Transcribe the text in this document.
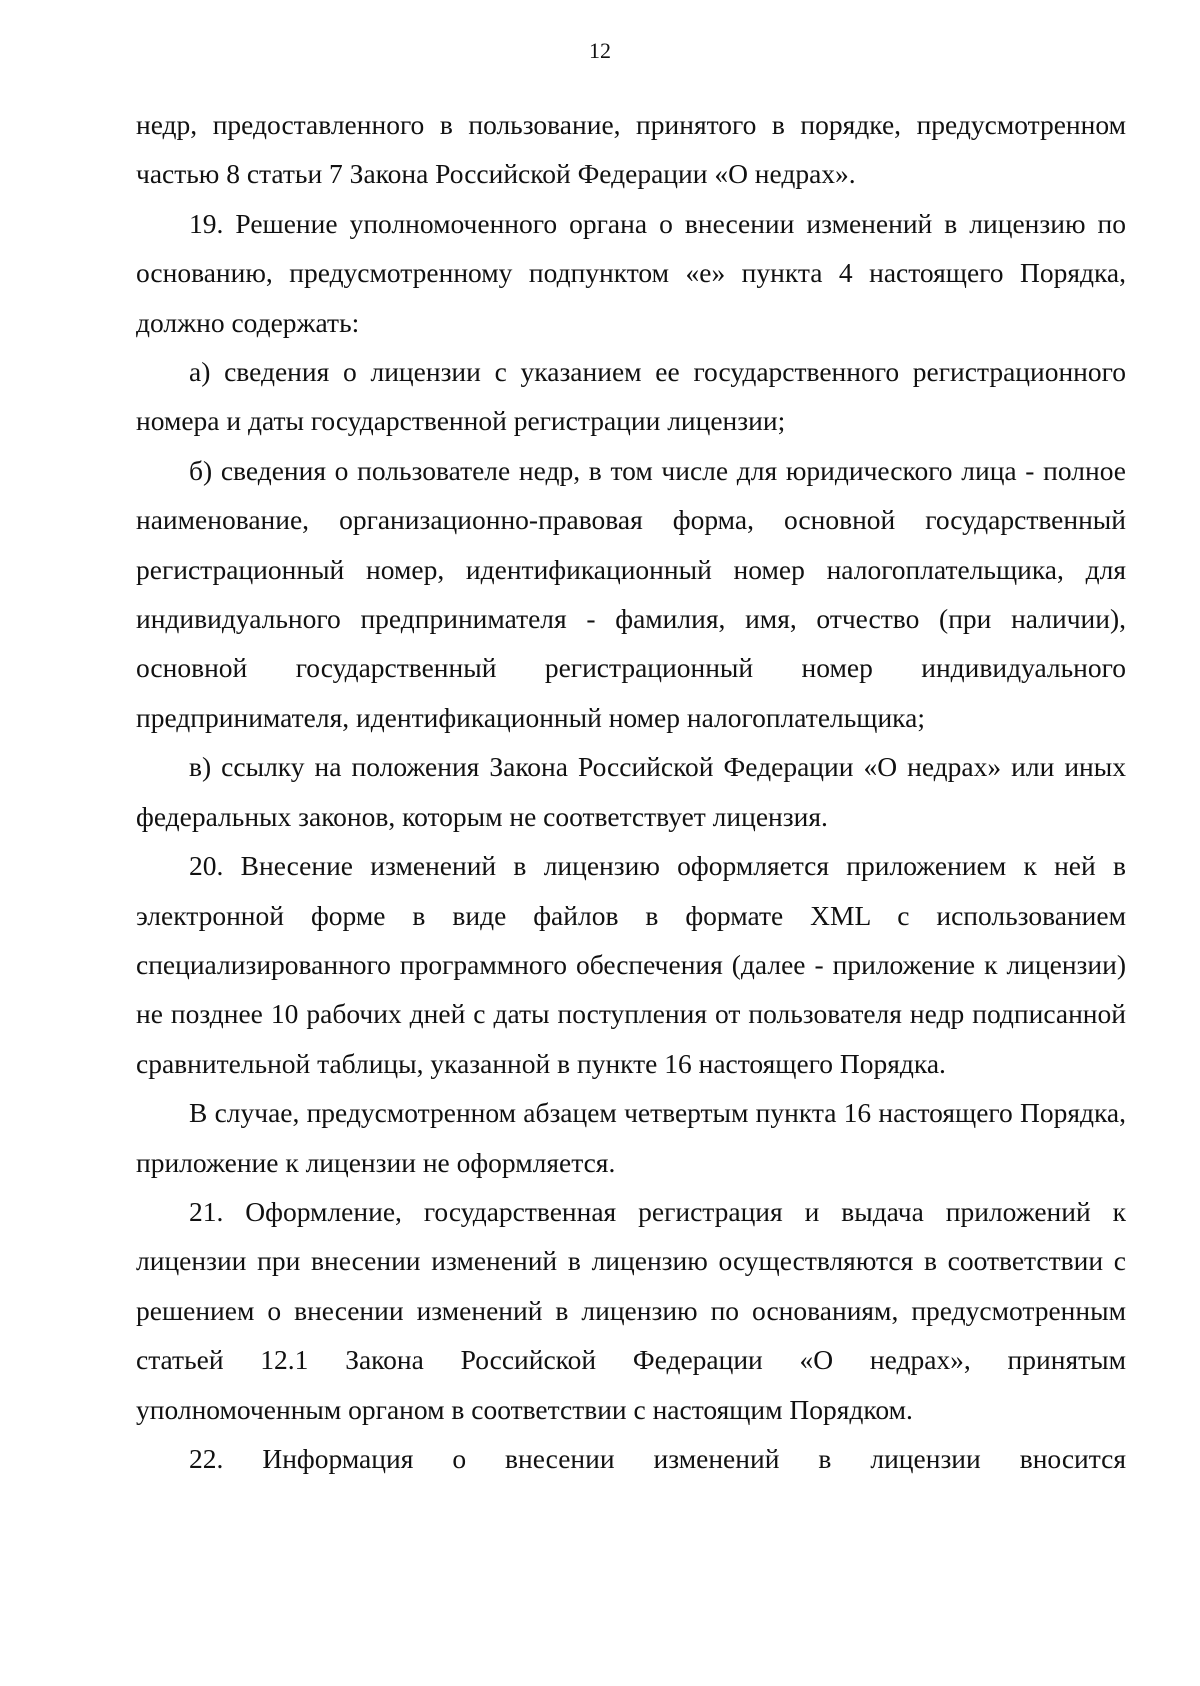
12

недр, предоставленного в пользование, принятого в порядке, предусмотренном частью 8 статьи 7 Закона Российской Федерации «О недрах».

19. Решение уполномоченного органа о внесении изменений в лицензию по основанию, предусмотренному подпунктом «е» пункта 4 настоящего Порядка, должно содержать:

а) сведения о лицензии с указанием ее государственного регистрационного номера и даты государственной регистрации лицензии;

б) сведения о пользователе недр, в том числе для юридического лица - полное наименование, организационно-правовая форма, основной государственный регистрационный номер, идентификационный номер налогоплательщика, для индивидуального предпринимателя - фамилия, имя, отчество (при наличии), основной государственный регистрационный номер индивидуального предпринимателя, идентификационный номер налогоплательщика;

в) ссылку на положения Закона Российской Федерации «О недрах» или иных федеральных законов, которым не соответствует лицензия.

20. Внесение изменений в лицензию оформляется приложением к ней в электронной форме в виде файлов в формате XML с использованием специализированного программного обеспечения (далее - приложение к лицензии) не позднее 10 рабочих дней с даты поступления от пользователя недр подписанной сравнительной таблицы, указанной в пункте 16 настоящего Порядка.

В случае, предусмотренном абзацем четвертым пункта 16 настоящего Порядка, приложение к лицензии не оформляется.

21. Оформление, государственная регистрация и выдача приложений к лицензии при внесении изменений в лицензию осуществляются в соответствии с решением о внесении изменений в лицензию по основаниям, предусмотренным статьей 12.1 Закона Российской Федерации «О недрах», принятым уполномоченным органом в соответствии с настоящим Порядком.

22. Информация о внесении изменений в лицензии вносится
